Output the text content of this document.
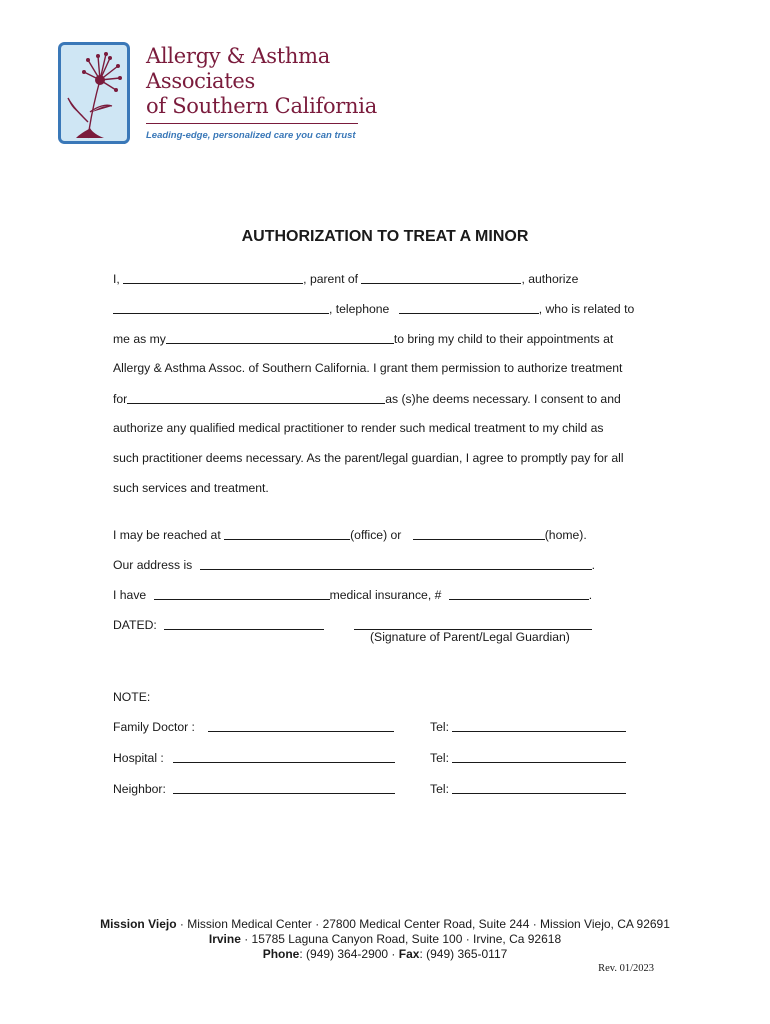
Allergy & Asthma
Associates
of Southern California
Leading-edge, personalized care you can trust
AUTHORIZATION TO TREAT A MINOR
I,	, parent of	, authorize
, telephone	, who is related to
me as my	to bring my child to their appointments at
Allergy & Asthma Assoc. of Southern California. I grant them permission to authorize treatment
for	as (s)he deems necessary. I consent to and
authorize any qualified medical practitioner to render such medical treatment to my child as
such practitioner deems necessary. As the parent/legal guardian, I agree to promptly pay for all
such services and treatment.
I may be reached at	(office) or	(home).
Our address is	.
I have	medical insurance, #	.
DATED:
(Signature of Parent/Legal Guardian)
NOTE:
Family Doctor :	Tel:
Hospital :	Tel:
Neighbor:	Tel:
Mission Viejo · Mission Medical Center · 27800 Medical Center Road, Suite 244 · Mission Viejo, CA 92691
Irvine · 15785 Laguna Canyon Road, Suite 100 · Irvine, Ca 92618
Phone: (949) 364-2900 · Fax: (949) 365-0117
Rev. 01/2023
